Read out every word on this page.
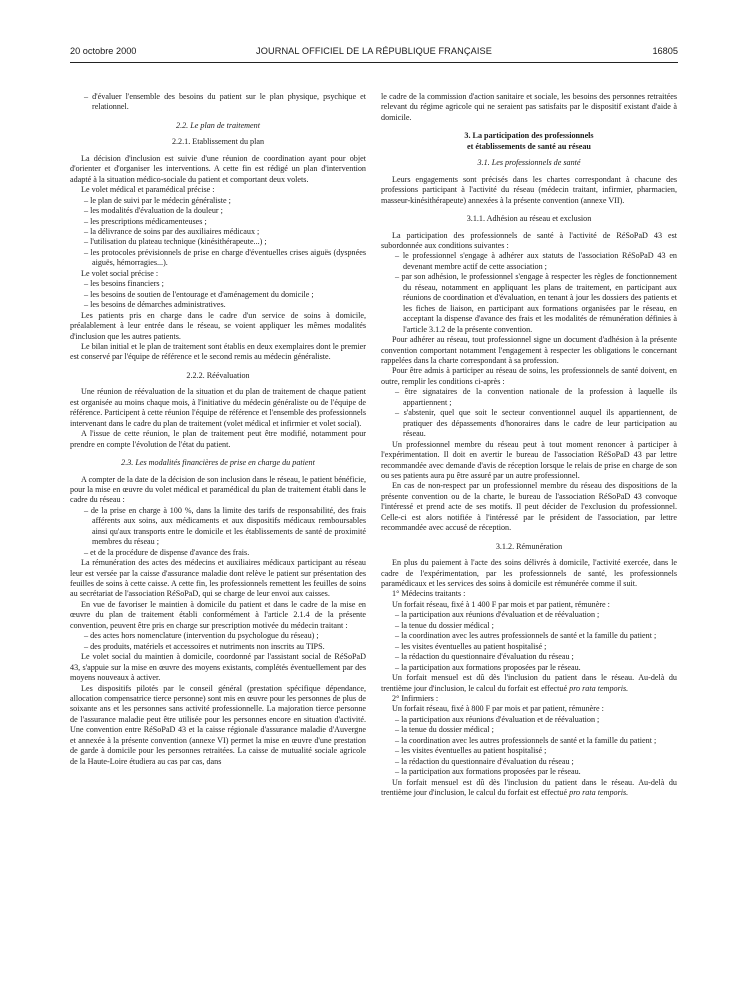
20 octobre 2000	JOURNAL OFFICIEL DE LA RÉPUBLIQUE FRANÇAISE	16805
– d'évaluer l'ensemble des besoins du patient sur le plan physique, psychique et relationnel.
2.2. Le plan de traitement
2.2.1. Etablissement du plan

La décision d'inclusion est suivie d'une réunion de coordination ayant pour objet d'orienter et d'organiser les interventions. A cette fin est rédigé un plan d'intervention adapté à la situation médico-sociale du patient et comportant deux volets.

Le volet médical et paramédical précise :

– le plan de suivi par le médecin généraliste ;
– les modalités d'évaluation de la douleur ;
– les prescriptions médicamenteuses ;
– la délivrance de soins par des auxiliaires médicaux ;
– l'utilisation du plateau technique (kinésithérapeute...) ;
– les protocoles prévisionnels de prise en charge d'éventuelles crises aiguës (dyspnées aiguës, hémorragies...).

Le volet social précise :

– les besoins financiers ;
– les besoins de soutien de l'entourage et d'aménagement du domicile ;
– les besoins de démarches administratives.

Les patients pris en charge dans le cadre d'un service de soins à domicile, préalablement à leur entrée dans le réseau, se voient appliquer les mêmes modalités d'inclusion que les autres patients.

Le bilan initial et le plan de traitement sont établis en deux exemplaires dont le premier est conservé par l'équipe de référence et le second remis au médecin généraliste.

2.2.2. Réévaluation

Une réunion de réévaluation de la situation et du plan de traitement de chaque patient est organisée au moins chaque mois, à l'initiative du médecin généraliste ou de l'équipe de référence. Participent à cette réunion l'équipe de référence et l'ensemble des professionnels intervenant dans le cadre du plan de traitement (volet médical et infirmier et volet social).

A l'issue de cette réunion, le plan de traitement peut être modifié, notamment pour prendre en compte l'évolution de l'état du patient.

2.3. Les modalités financières de prise en charge du patient

A compter de la date de la décision de son inclusion dans le réseau, le patient bénéficie, pour la mise en œuvre du volet médical et paramédical du plan de traitement établi dans le cadre du réseau :

– de la prise en charge à 100 %, dans la limite des tarifs de responsabilité, des frais afférents aux soins, aux médicaments et aux dispositifs médicaux remboursables ainsi qu'aux transports entre le domicile et les établissements de santé de proximité membres du réseau ;
– et de la procédure de dispense d'avance des frais.

La rémunération des actes des médecins et auxiliaires médicaux participant au réseau leur est versée par la caisse d'assurance maladie dont relève le patient sur présentation des feuilles de soins à cette caisse. A cette fin, les professionnels remettent les feuilles de soins au secrétariat de l'association RéSoPaD, qui se charge de leur envoi aux caisses.

En vue de favoriser le maintien à domicile du patient et dans le cadre de la mise en œuvre du plan de traitement établi conformément à l'article 2.1.4 de la présente convention, peuvent être pris en charge sur prescription motivée du médecin traitant :

– des actes hors nomenclature (intervention du psychologue du réseau) ;
– des produits, matériels et accessoires et nutriments non inscrits au TIPS.

Le volet social du maintien à domicile, coordonné par l'assistant social de RéSoPaD 43, s'appuie sur la mise en œuvre des moyens existants, complétés éventuellement par des moyens nouveaux à activer.

Les dispositifs pilotés par le conseil général (prestation spécifique dépendance, allocation compensatrice tierce personne) sont mis en œuvre pour les personnes de plus de soixante ans et les personnes sans activité professionnelle. La majoration tierce personne de l'assurance maladie peut être utilisée pour les personnes encore en situation d'activité. Une convention entre RéSoPaD 43 et la caisse régionale d'assurance maladie d'Auvergne et annexée à la présente convention (annexe VI) permet la mise en œuvre d'une prestation de garde à domicile pour les personnes retraitées. La caisse de mutualité sociale agricole de la Haute-Loire étudiera au cas par cas, dans

le cadre de la commission d'action sanitaire et sociale, les besoins des personnes retraitées relevant du régime agricole qui ne seraient pas satisfaits par le dispositif existant d'aide à domicile.

3. La participation des professionnels
et établissements de santé au réseau
3.1. Les professionnels de santé

Leurs engagements sont précisés dans les chartes correspondant à chacune des professions participant à l'activité du réseau (médecin traitant, infirmier, pharmacien, masseur-kinésithérapeute) annexées à la présente convention (annexe VII).

3.1.1. Adhésion au réseau et exclusion

La participation des professionnels de santé à l'activité de RéSoPaD 43 est subordonnée aux conditions suivantes :

– le professionnel s'engage à adhérer aux statuts de l'association RéSoPaD 43 en devenant membre actif de cette association ;
– par son adhésion, le professionnel s'engage à respecter les règles de fonctionnement du réseau, notamment en appliquant les plans de traitement, en participant aux réunions de coordination et d'évaluation, en tenant à jour les dossiers des patients et les fiches de liaison, en participant aux formations organisées par le réseau, en acceptant la dispense d'avance des frais et les modalités de rémunération définies à l'article 3.1.2 de la présente convention.

Pour adhérer au réseau, tout professionnel signe un document d'adhésion à la présente convention comportant notamment l'engagement à respecter les obligations le concernant rappelées dans la charte correspondant à sa profession.

Pour être admis à participer au réseau de soins, les professionnels de santé doivent, en outre, remplir les conditions ci-après :

– être signataires de la convention nationale de la profession à laquelle ils appartiennent ;
– s'abstenir, quel que soit le secteur conventionnel auquel ils appartiennent, de pratiquer des dépassements d'honoraires dans le cadre de leur participation au réseau.

Un professionnel membre du réseau peut à tout moment renoncer à participer à l'expérimentation. Il doit en avertir le bureau de l'association RéSoPaD 43 par lettre recommandée avec demande d'avis de réception lorsque le relais de prise en charge de son ou ses patients aura pu être assuré par un autre professionnel.

En cas de non-respect par un professionnel membre du réseau des dispositions de la présente convention ou de la charte, le bureau de l'association RéSoPaD 43 convoque l'intéressé et prend acte de ses motifs. Il peut décider de l'exclusion du professionnel. Celle-ci est alors notifiée à l'intéressé par le président de l'association, par lettre recommandée avec accusé de réception.

3.1.2. Rémunération

En plus du paiement à l'acte des soins délivrés à domicile, l'activité exercée, dans le cadre de l'expérimentation, par les professionnels de santé, les professionnels paramédicaux et les services des soins à domicile est rémunérée comme il suit.

1° Médecins traitants :

Un forfait réseau, fixé à 1 400 F par mois et par patient, rémunère :

– la participation aux réunions d'évaluation et de réévaluation ;
– la tenue du dossier médical ;
– la coordination avec les autres professionnels de santé et la famille du patient ;
– les visites éventuelles au patient hospitalisé ;
– la rédaction du questionnaire d'évaluation du réseau ;
– la participation aux formations proposées par le réseau.

Un forfait mensuel est dû dès l'inclusion du patient dans le réseau. Au-delà du trentième jour d'inclusion, le calcul du forfait est effectué pro rata temporis.

2° Infirmiers :

Un forfait réseau, fixé à 800 F par mois et par patient, rémunère :

– la participation aux réunions d'évaluation et de réévaluation ;
– la tenue du dossier médical ;
– la coordination avec les autres professionnels de santé et la famille du patient ;
– les visites éventuelles au patient hospitalisé ;
– la rédaction du questionnaire d'évaluation du réseau ;
– la participation aux formations proposées par le réseau.

Un forfait mensuel est dû dès l'inclusion du patient dans le réseau. Au-delà du trentième jour d'inclusion, le calcul du forfait est effectué pro rata temporis.
